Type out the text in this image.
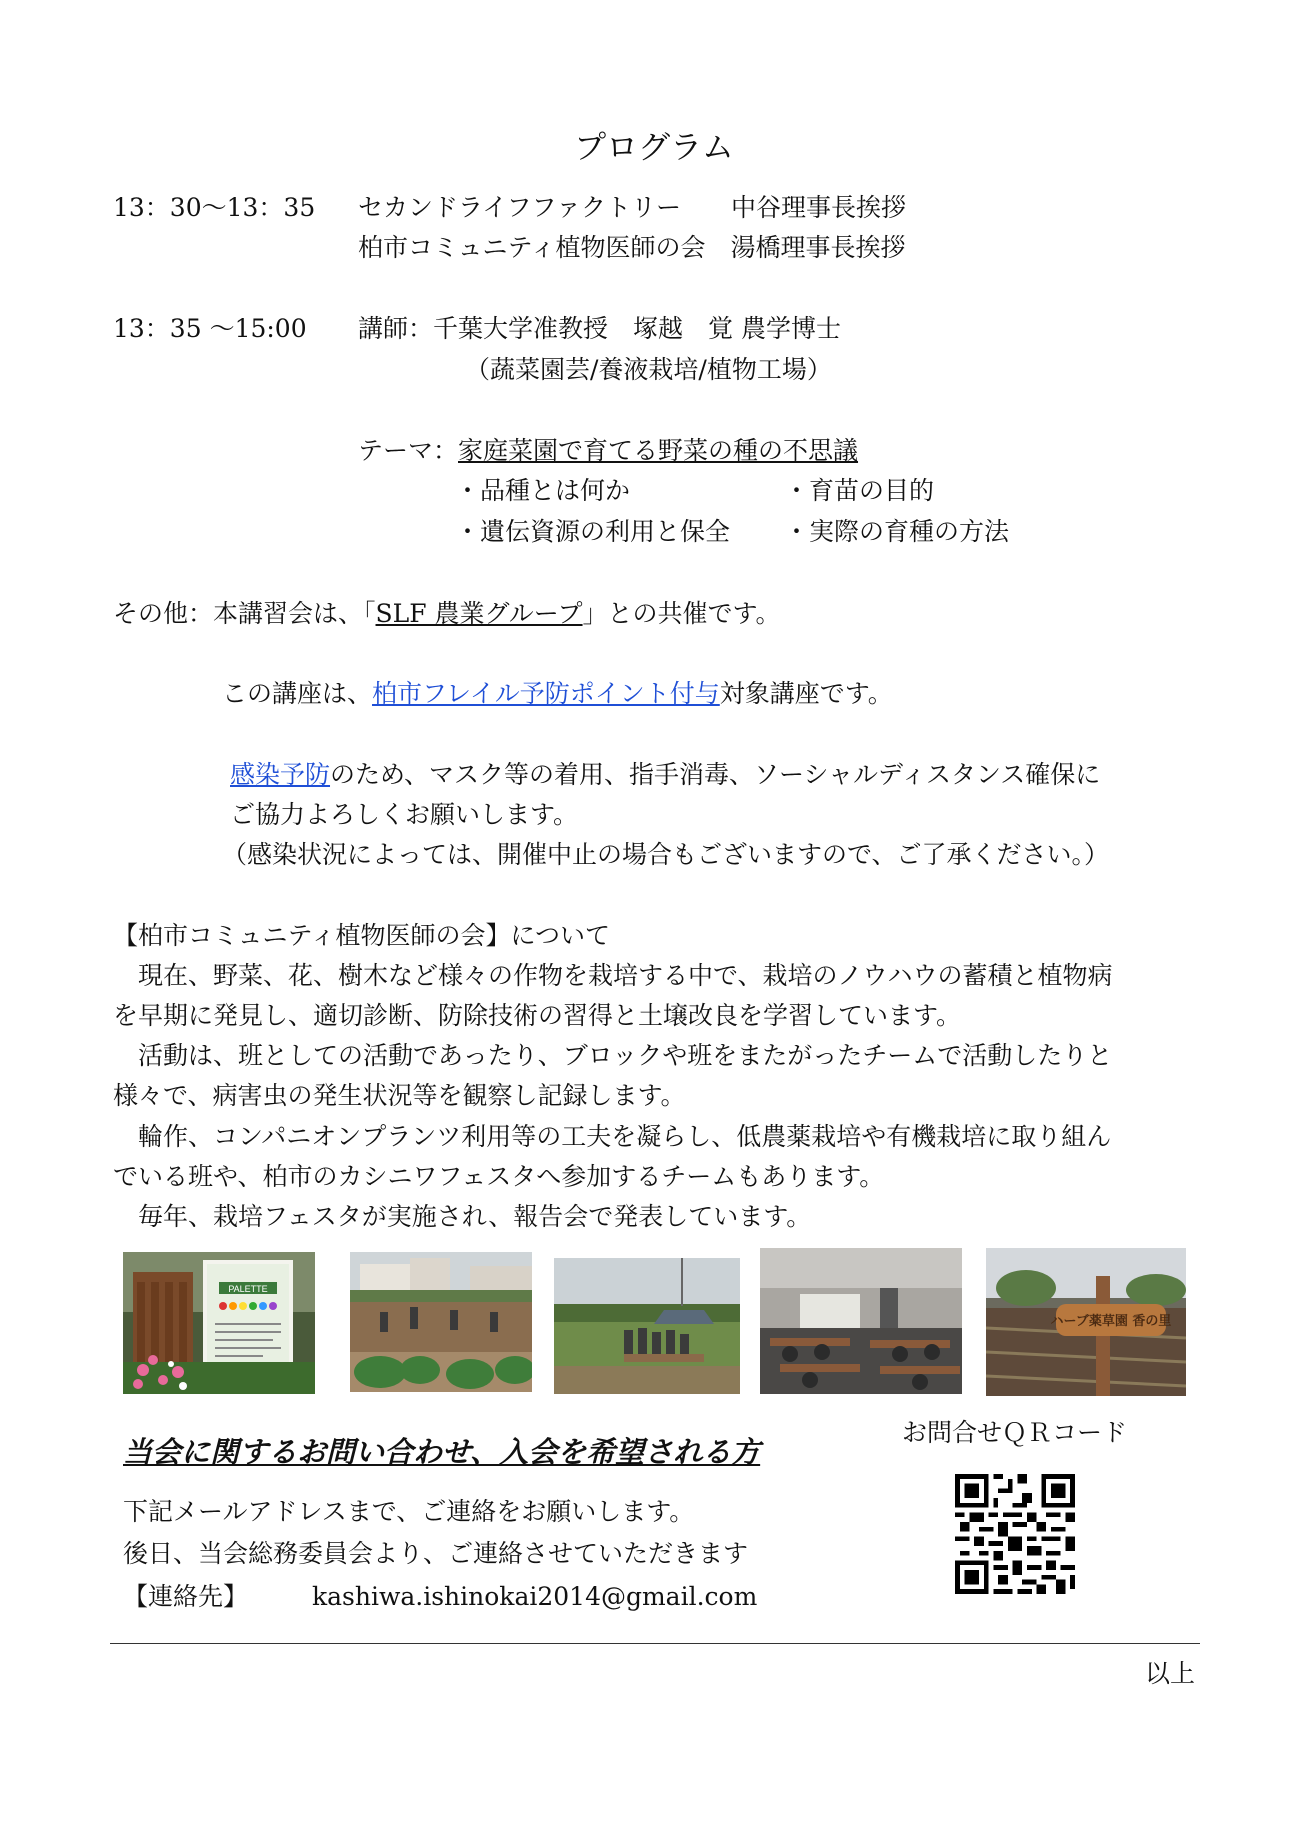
プログラム
13：30～13：35 セカンドライフファクトリー　　中谷理事長挨拶
柏市コミュニティ植物医師の会　湯橋理事長挨拶
13：35 ～15:00 講師：千葉大学准教授　塚越　覚 農学博士
（蔬菜園芸/養液栽培/植物工場）
テーマ：家庭菜園で育てる野菜の種の不思議
・品種とは何か	・育苗の目的
・遺伝資源の利用と保全 ・実際の育種の方法
その他：本講習会は、「SLF 農業グループ」との共催です。
この講座は、柏市フレイル予防ポイント付与対象講座です。
感染予防のため、マスク等の着用、指手消毒、ソーシャルディスタンス確保に
ご協力よろしくお願いします。
（感染状況によっては、開催中止の場合もございますので、ご了承ください。）
【柏市コミュニティ植物医師の会】について
　現在、野菜、花、樹木など様々の作物を栽培する中で、栽培のノウハウの蓄積と植物病
を早期に発見し、適切診断、防除技術の習得と土壌改良を学習しています。
　活動は、班としての活動であったり、ブロックや班をまたがったチームで活動したりと
様々で、病害虫の発生状況等を観察し記録します。
　輪作、コンパニオンプランツ利用等の工夫を凝らし、低農薬栽培や有機栽培に取り組ん
でいる班や、柏市のカシニワフェスタへ参加するチームもあります。
　毎年、栽培フェスタが実施され、報告会で発表しています。
PALETTE
ハーブ薬草園 香の里
当会に関するお問い合わせ、入会を希望される方
お問合せＱＲコード
下記メールアドレスまで、ご連絡をお願いします。
後日、当会総務委員会より、ご連絡させていただきます
【連絡先】	kashiwa.ishinokai2014@gmail.com
以上
